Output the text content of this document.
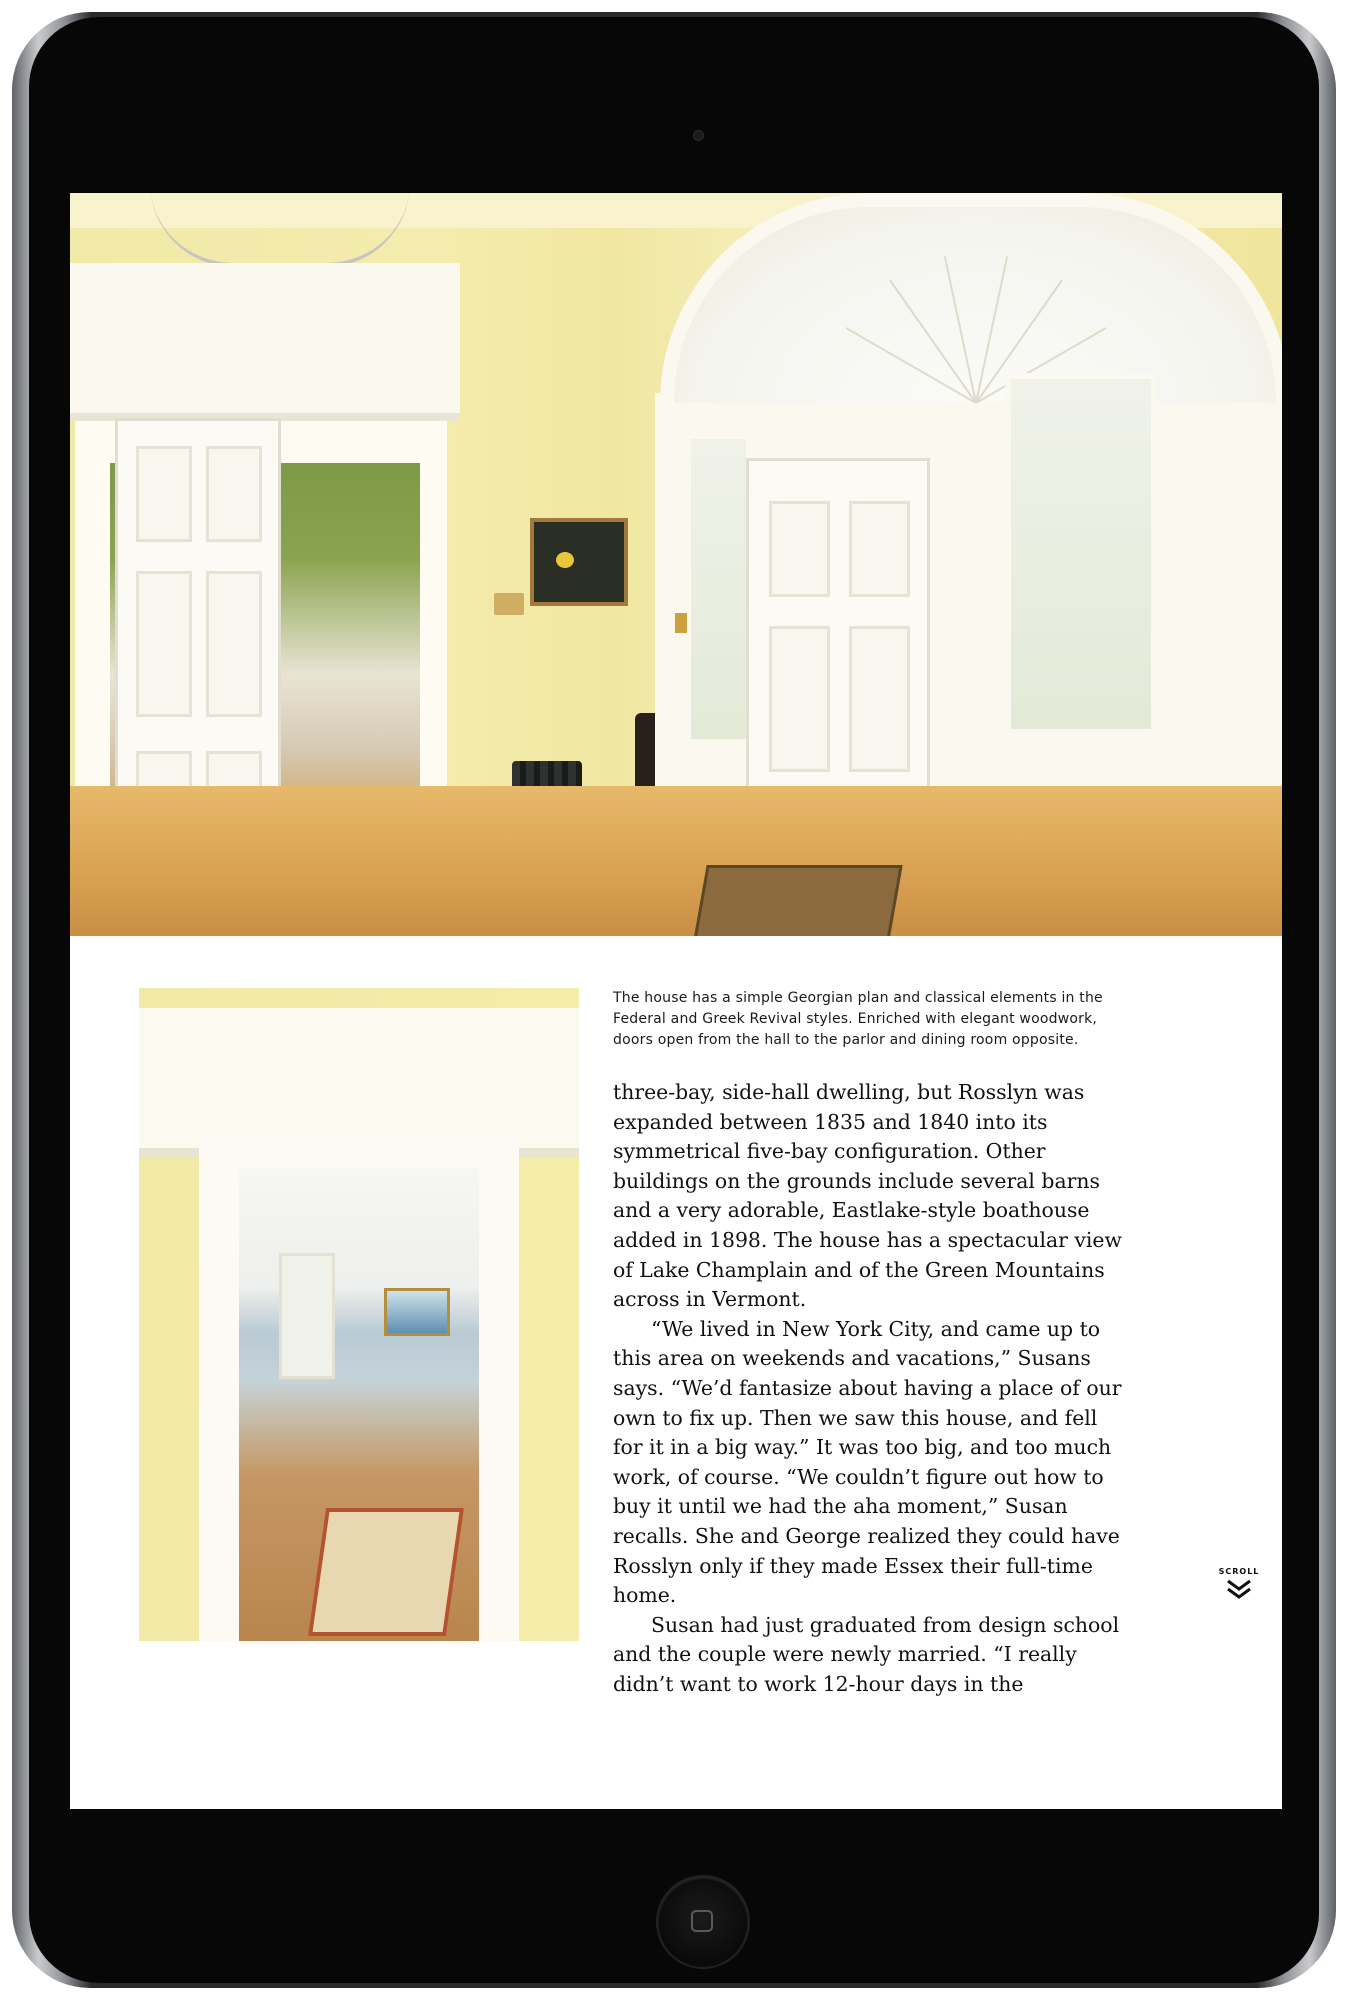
The house has a simple Georgian plan and classical elements in the Federal and Greek Revival styles. Enriched with elegant woodwork, doors open from the hall to the parlor and dining room opposite.

three-bay, side-hall dwelling, but Rosslyn was expanded between 1835 and 1840 into its symmetrical five-bay configuration. Other buildings on the grounds include several barns and a very adorable, Eastlake-style boathouse added in 1898. The house has a spectacular view of Lake Champlain and of the Green Mountains across in Vermont.

“We lived in New York City, and came up to this area on weekends and vacations,” Susans says. “We’d fantasize about having a place of our own to fix up. Then we saw this house, and fell for it in a big way.” It was too big, and too much work, of course. “We couldn’t figure out how to buy it until we had the aha moment,” Susan recalls. She and George realized they could have Rosslyn only if they made Essex their full-time home.

Susan had just graduated from design school and the couple were newly married. “I really didn’t want to work 12-hour days in the

SCROLL
